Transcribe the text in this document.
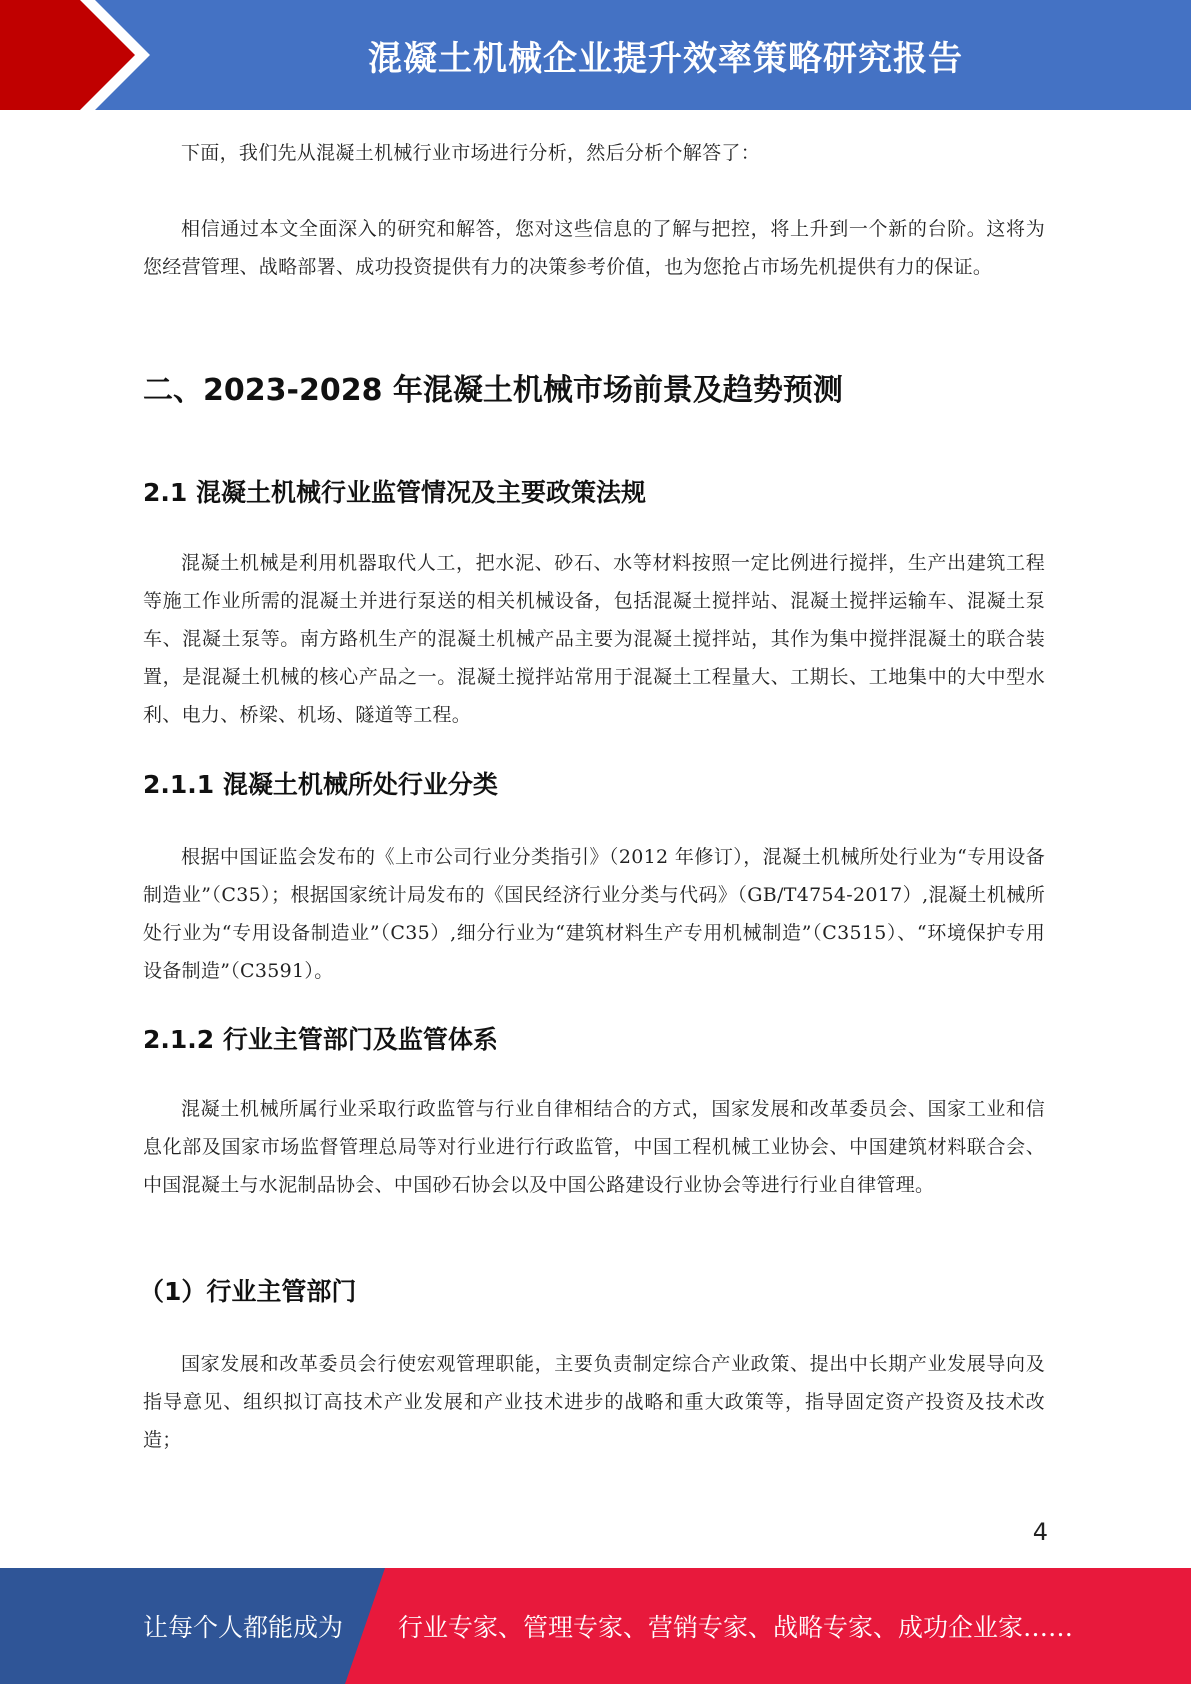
混凝土机械企业提升效率策略研究报告
下面，我们先从混凝土机械行业市场进行分析，然后分析个解答了：
相信通过本文全面深入的研究和解答，您对这些信息的了解与把控，将上升到一个新的台阶。这将为您经营管理、战略部署、成功投资提供有力的决策参考价值，也为您抢占市场先机提供有力的保证。
二、2023-2028 年混凝土机械市场前景及趋势预测
2.1 混凝土机械行业监管情况及主要政策法规
混凝土机械是利用机器取代人工，把水泥、砂石、水等材料按照一定比例进行搅拌，生产出建筑工程等施工作业所需的混凝土并进行泵送的相关机械设备，包括混凝土搅拌站、混凝土搅拌运输车、混凝土泵车、混凝土泵等。南方路机生产的混凝土机械产品主要为混凝土搅拌站，其作为集中搅拌混凝土的联合装置，是混凝土机械的核心产品之一。混凝土搅拌站常用于混凝土工程量大、工期长、工地集中的大中型水利、电力、桥梁、机场、隧道等工程。
2.1.1 混凝土机械所处行业分类
根据中国证监会发布的《上市公司行业分类指引》（2012 年修订），混凝土机械所处行业为“专用设备制造业”（C35）；根据国家统计局发布的《国民经济行业分类与代码》（GB/T4754-2017）,混凝土机械所处行业为“专用设备制造业”（C35）,细分行业为“建筑材料生产专用机械制造”（C3515）、“环境保护专用设备制造”（C3591）。
2.1.2 行业主管部门及监管体系
混凝土机械所属行业采取行政监管与行业自律相结合的方式，国家发展和改革委员会、国家工业和信息化部及国家市场监督管理总局等对行业进行行政监管，中国工程机械工业协会、中国建筑材料联合会、中国混凝土与水泥制品协会、中国砂石协会以及中国公路建设行业协会等进行行业自律管理。
（1）行业主管部门
国家发展和改革委员会行使宏观管理职能，主要负责制定综合产业政策、提出中长期产业发展导向及指导意见、组织拟订高技术产业发展和产业技术进步的战略和重大政策等，指导固定资产投资及技术改造；
4
让每个人都能成为 行业专家、管理专家、营销专家、战略专家、成功企业家……
